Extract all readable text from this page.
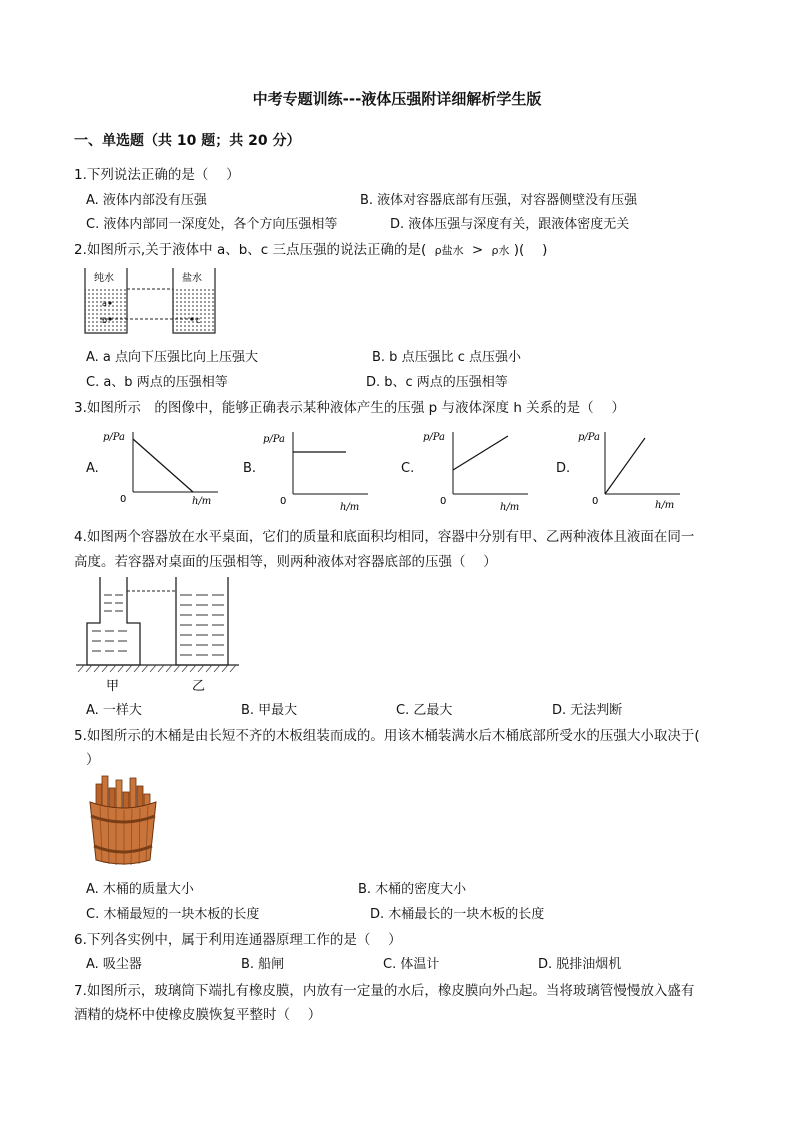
中考专题训练---液体压强附详细解析学生版
一、单选题（共 10 题；共 20 分）
1.下列说法正确的是（　 ）
A. 液体内部没有压强	B. 液体对容器底部有压强，对容器侧壁没有压强
C. 液体内部同一深度处，各个方向压强相等	D. 液体压强与深度有关，跟液体密度无关
2.如图所示,关于液体中 a、b、c 三点压强的说法正确的是( ρ盐水 > ρ水 )(　 )
纯水	盐水
a
b	c
A. a 点向下压强比向上压强大	B. b 点压强比 c 点压强小
C. a、b 两点的压强相等	D. b、c 两点的压强相等
3.如图所示　的图像中，能够正确表示某种液体产生的压强 p 与液体深度 h 关系的是（　 ）
A.
p/Pa
0	h/m
B.
p/Pa
0
h/m
C.
p/Pa
0
h/m
D.
p/Pa
0	h/m
4.如图两个容器放在水平桌面，它们的质量和底面积均相同，容器中分别有甲、乙两种液体且液面在同一
高度。若容器对桌面的压强相等，则两种液体对容器底部的压强（　 ）
甲	乙
A. 一样大	B. 甲最大	C. 乙最大	D. 无法判断
5.如图所示的木桶是由长短不齐的木板组装而成的。用该木桶装满水后木桶底部所受水的压强大小取决于(
）
A. 木桶的质量大小	B. 木桶的密度大小
C. 木桶最短的一块木板的长度	D. 木桶最长的一块木板的长度
6.下列各实例中，属于利用连通器原理工作的是（　 ）
A. 吸尘器	B. 船闸	C. 体温计	D. 脱排油烟机
7.如图所示，玻璃筒下端扎有橡皮膜，内放有一定量的水后，橡皮膜向外凸起。当将玻璃管慢慢放入盛有
酒精的烧杯中使橡皮膜恢复平整时（　 ）
